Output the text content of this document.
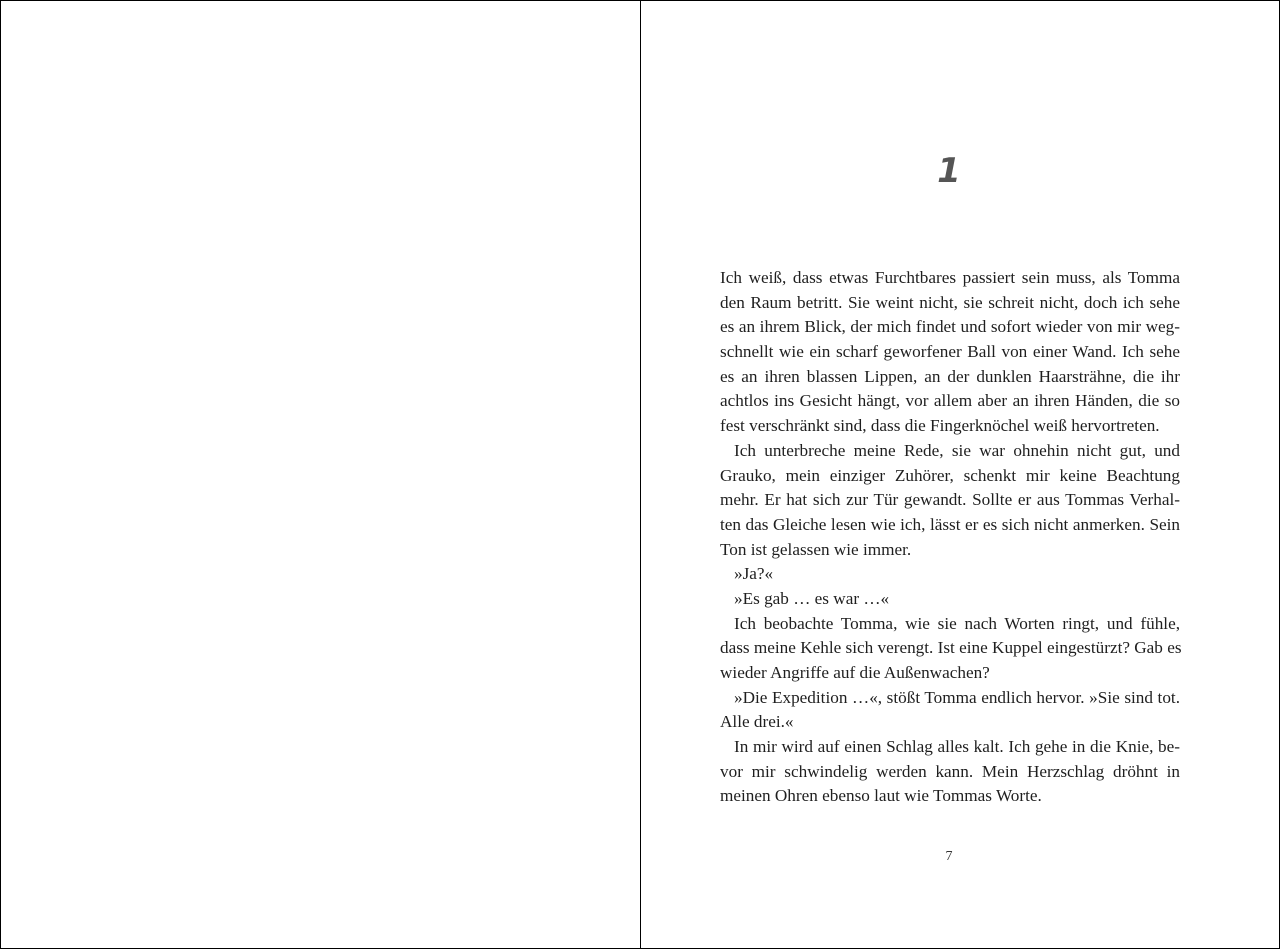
1
Ich weiß, dass etwas Furchtbares passiert sein muss, als Tomma
den Raum betritt. Sie weint nicht, sie schreit nicht, doch ich sehe
es an ihrem Blick, der mich findet und sofort wieder von mir weg-
schnellt wie ein scharf geworfener Ball von einer Wand. Ich sehe
es an ihren blassen Lippen, an der dunklen Haarsträhne, die ihr
achtlos ins Gesicht hängt, vor allem aber an ihren Händen, die so
fest verschränkt sind, dass die Fingerknöchel weiß hervortreten.
Ich unterbreche meine Rede, sie war ohnehin nicht gut, und
Grauko, mein einziger Zuhörer, schenkt mir keine Beachtung
mehr. Er hat sich zur Tür gewandt. Sollte er aus Tommas Verhal-
ten das Gleiche lesen wie ich, lässt er es sich nicht anmerken. Sein
Ton ist gelassen wie immer.
»Ja?«
»Es gab … es war …«
Ich beobachte Tomma, wie sie nach Worten ringt, und fühle,
dass meine Kehle sich verengt. Ist eine Kuppel eingestürzt? Gab es
wieder Angriffe auf die Außenwachen?
»Die Expedition …«, stößt Tomma endlich hervor. »Sie sind tot.
Alle drei.«
In mir wird auf einen Schlag alles kalt. Ich gehe in die Knie, be-
vor mir schwindelig werden kann. Mein Herzschlag dröhnt in
meinen Ohren ebenso laut wie Tommas Worte.
7
